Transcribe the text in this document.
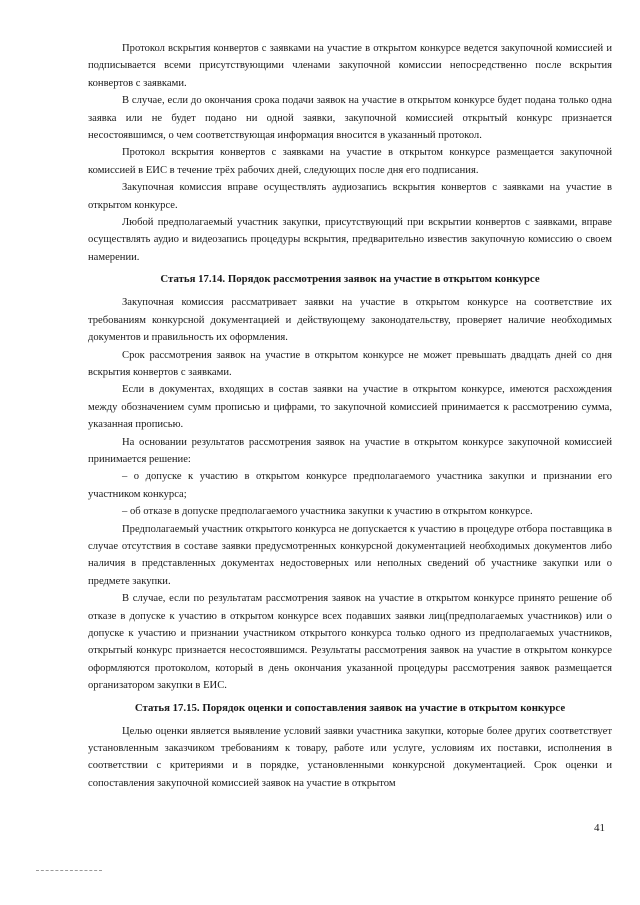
Протокол вскрытия конвертов с заявками на участие в открытом конкурсе ведется закупочной комиссией и подписывается всеми присутствующими членами закупочной комиссии непосредственно после вскрытия конвертов с заявками.

В случае, если до окончания срока подачи заявок на участие в открытом конкурсе будет подана только одна заявка или не будет подано ни одной заявки, закупочной комиссией открытый конкурс признается несостоявшимся, о чем соответствующая информация вносится в указанный протокол.

Протокол вскрытия конвертов с заявками на участие в открытом конкурсе размещается закупочной комиссией в ЕИС в течение трёх рабочих дней, следующих после дня его подписания.

Закупочная комиссия вправе осуществлять аудиозапись вскрытия конвертов с заявками на участие в открытом конкурсе.

Любой предполагаемый участник закупки, присутствующий при вскрытии конвертов с заявками, вправе осуществлять аудио и видеозапись процедуры вскрытия, предварительно известив закупочную комиссию о своем намерении.

Статья 17.14. Порядок рассмотрения заявок на участие в открытом конкурсе

Закупочная комиссия рассматривает заявки на участие в открытом конкурсе на соответствие их требованиям конкурсной документацией и действующему законодательству, проверяет наличие необходимых документов и правильность их оформления.

Срок рассмотрения заявок на участие в открытом конкурсе не может превышать двадцать дней со дня вскрытия конвертов с заявками.

Если в документах, входящих в состав заявки на участие в открытом конкурсе, имеются расхождения между обозначением сумм прописью и цифрами, то закупочной комиссией принимается к рассмотрению сумма, указанная прописью.

На основании результатов рассмотрения заявок на участие в открытом конкурсе закупочной комиссией принимается решение:

– о допуске к участию в открытом конкурсе предполагаемого участника закупки и признании его участником конкурса;

– об отказе в допуске предполагаемого участника закупки к участию в открытом конкурсе.

Предполагаемый участник открытого конкурса не допускается к участию в процедуре отбора поставщика в случае отсутствия в составе заявки предусмотренных конкурсной документацией необходимых документов либо наличия в представленных документах недостоверных или неполных сведений об участнике закупки или о предмете закупки.

В случае, если по результатам рассмотрения заявок на участие в открытом конкурсе принято решение об отказе в допуске к участию в открытом конкурсе всех подавших заявки лиц(предполагаемых участников) или о допуске к участию и признании участником открытого конкурса только одного из предполагаемых участников, открытый конкурс признается несостоявшимся. Результаты рассмотрения заявок на участие в открытом конкурсе оформляются протоколом, который в день окончания указанной процедуры рассмотрения заявок размещается организатором закупки в ЕИС.

Статья 17.15. Порядок оценки и сопоставления заявок на участие в открытом конкурсе

Целью оценки является выявление условий заявки участника закупки, которые более других соответствует установленным заказчиком требованиям к товару, работе или услуге, условиям их поставки, исполнения в соответствии с критериями и в порядке, установленными конкурсной документацией. Срок оценки и сопоставления закупочной комиссией заявок на участие в открытом

41
